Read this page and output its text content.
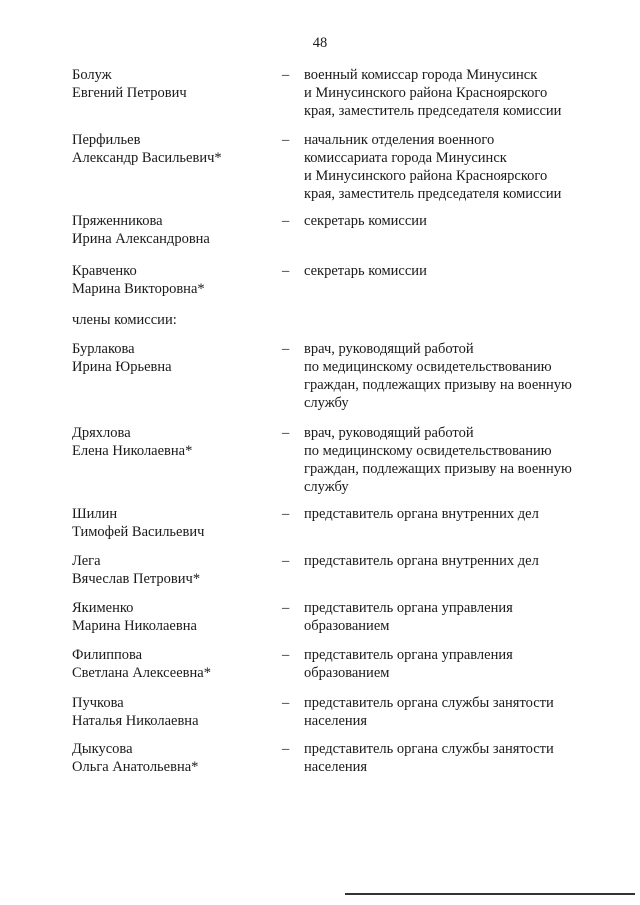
48
Болуж
Евгений Петрович
– военный комиссар города Минусинск
и Минусинского района Красноярского
края, заместитель председателя комиссии
Перфильев
Александр Васильевич*
– начальник отделения военного
комиссариата города Минусинск
и Минусинского района Красноярского
края, заместитель председателя комиссии
Пряженникова
Ирина Александровна
– секретарь комиссии
Кравченко
Марина Викторовна*
– секретарь комиссии
члены комиссии:
Бурлакова
Ирина Юрьевна
– врач, руководящий работой
по медицинскому освидетельствованию
граждан, подлежащих призыву на военную
службу
Дряхлова
Елена Николаевна*
– врач, руководящий работой
по медицинскому освидетельствованию
граждан, подлежащих призыву на военную
службу
Шилин
Тимофей Васильевич
– представитель органа внутренних дел
Лега
Вячеслав Петрович*
– представитель органа внутренних дел
Якименко
Марина Николаевна
– представитель органа управления
образованием
Филиппова
Светлана Алексеевна*
– представитель органа управления
образованием
Пучкова
Наталья Николаевна
– представитель органа службы занятости
населения
Дыкусова
Ольга Анатольевна*
– представитель органа службы занятости
населения
